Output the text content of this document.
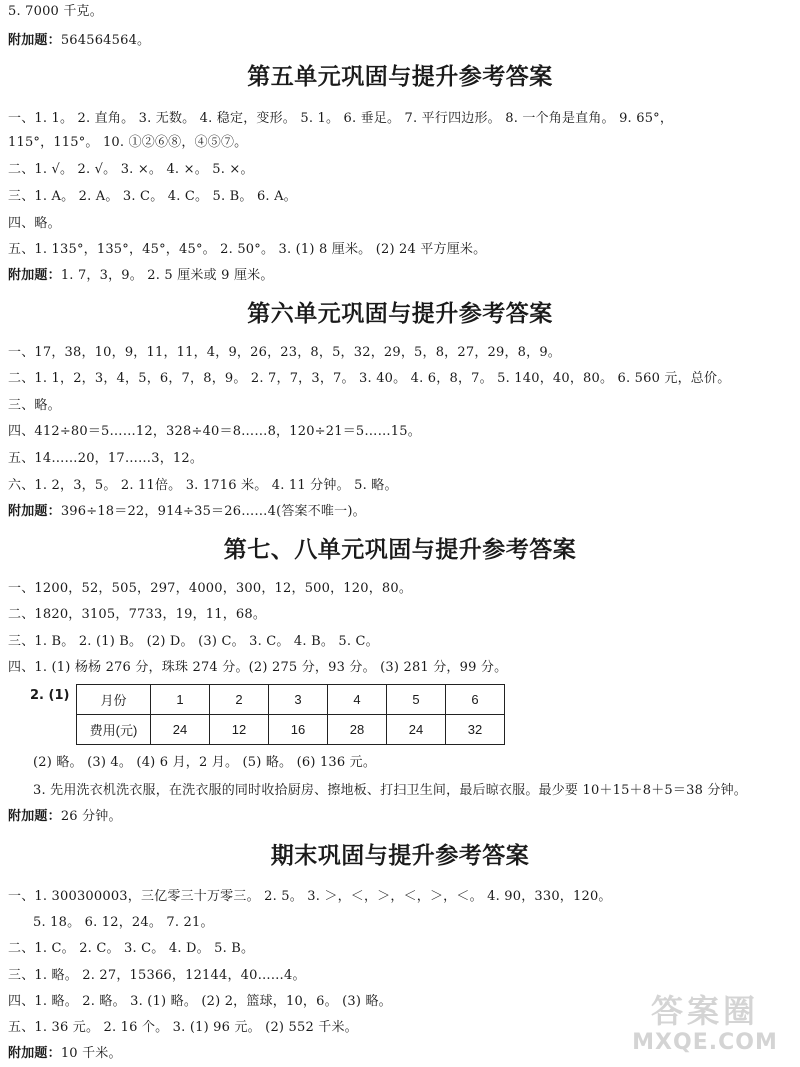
5. 7000 千克。
附加题：564564564。
第五单元巩固与提升参考答案
一、1. 1。 2. 直角。 3. 无数。 4. 稳定，变形。 5. 1。 6. 垂足。 7. 平行四边形。 8. 一个角是直角。 9. 65°，
115°，115°。 10. ①②⑥⑧，④⑤⑦。
二、1. √。 2. √。 3. ×。 4. ×。 5. ×。
三、1. A。 2. A。 3. C。 4. C。 5. B。 6. A。
四、略。
五、1. 135°，135°，45°，45°。 2. 50°。 3. (1) 8 厘米。 (2) 24 平方厘米。
附加题：1. 7，3，9。 2. 5 厘米或 9 厘米。
第六单元巩固与提升参考答案
一、17，38，10，9，11，11，4，9，26，23，8，5，32，29，5，8，27，29，8，9。
二、1. 1，2，3，4，5，6，7，8，9。 2. 7，7，3，7。 3. 40。 4. 6，8，7。 5. 140，40，80。 6. 560 元，总价。
三、略。
四、412÷80＝5……12，328÷40＝8……8，120÷21＝5……15。
五、14……20，17……3，12。
六、1. 2，3，5。 2. 11倍。 3. 1716 米。 4. 11 分钟。 5. 略。
附加题：396÷18＝22，914÷35＝26……4(答案不唯一)。
第七、八单元巩固与提升参考答案
一、1200，52，505，297，4000，300，12，500，120，80。
二、1820，3105，7733，19，11，68。
三、1. B。 2. (1) B。 (2) D。 (3) C。 3. C。 4. B。 5. C。
四、1. (1) 杨杨 276 分，珠珠 274 分。(2) 275 分，93 分。 (3) 281 分，99 分。
2. (1) 月份	1	2	3	4	5	6
费用(元)	24	12	16	28	24	32
(2) 略。 (3) 4。 (4) 6 月，2 月。 (5) 略。 (6) 136 元。
3. 先用洗衣机洗衣服，在洗衣服的同时收拾厨房、擦地板、打扫卫生间，最后晾衣服。最少要 10＋15＋8＋5＝38 分钟。
附加题：26 分钟。
期末巩固与提升参考答案
一、1. 300300003，三亿零三十万零三。 2. 5。 3. ＞，＜，＞，＜，＞，＜。 4. 90，330，120。
5. 18。 6. 12，24。 7. 21。
二、1. C。 2. C。 3. C。 4. D。 5. B。
三、1. 略。 2. 27，15366，12144，40……4。
四、1. 略。 2. 略。 3. (1) 略。 (2) 2，篮球，10，6。 (3) 略。
五、1. 36 元。 2. 16 个。 3. (1) 96 元。 (2) 552 千米。
附加题：10 千米。
答案圈
MXQE.COM
